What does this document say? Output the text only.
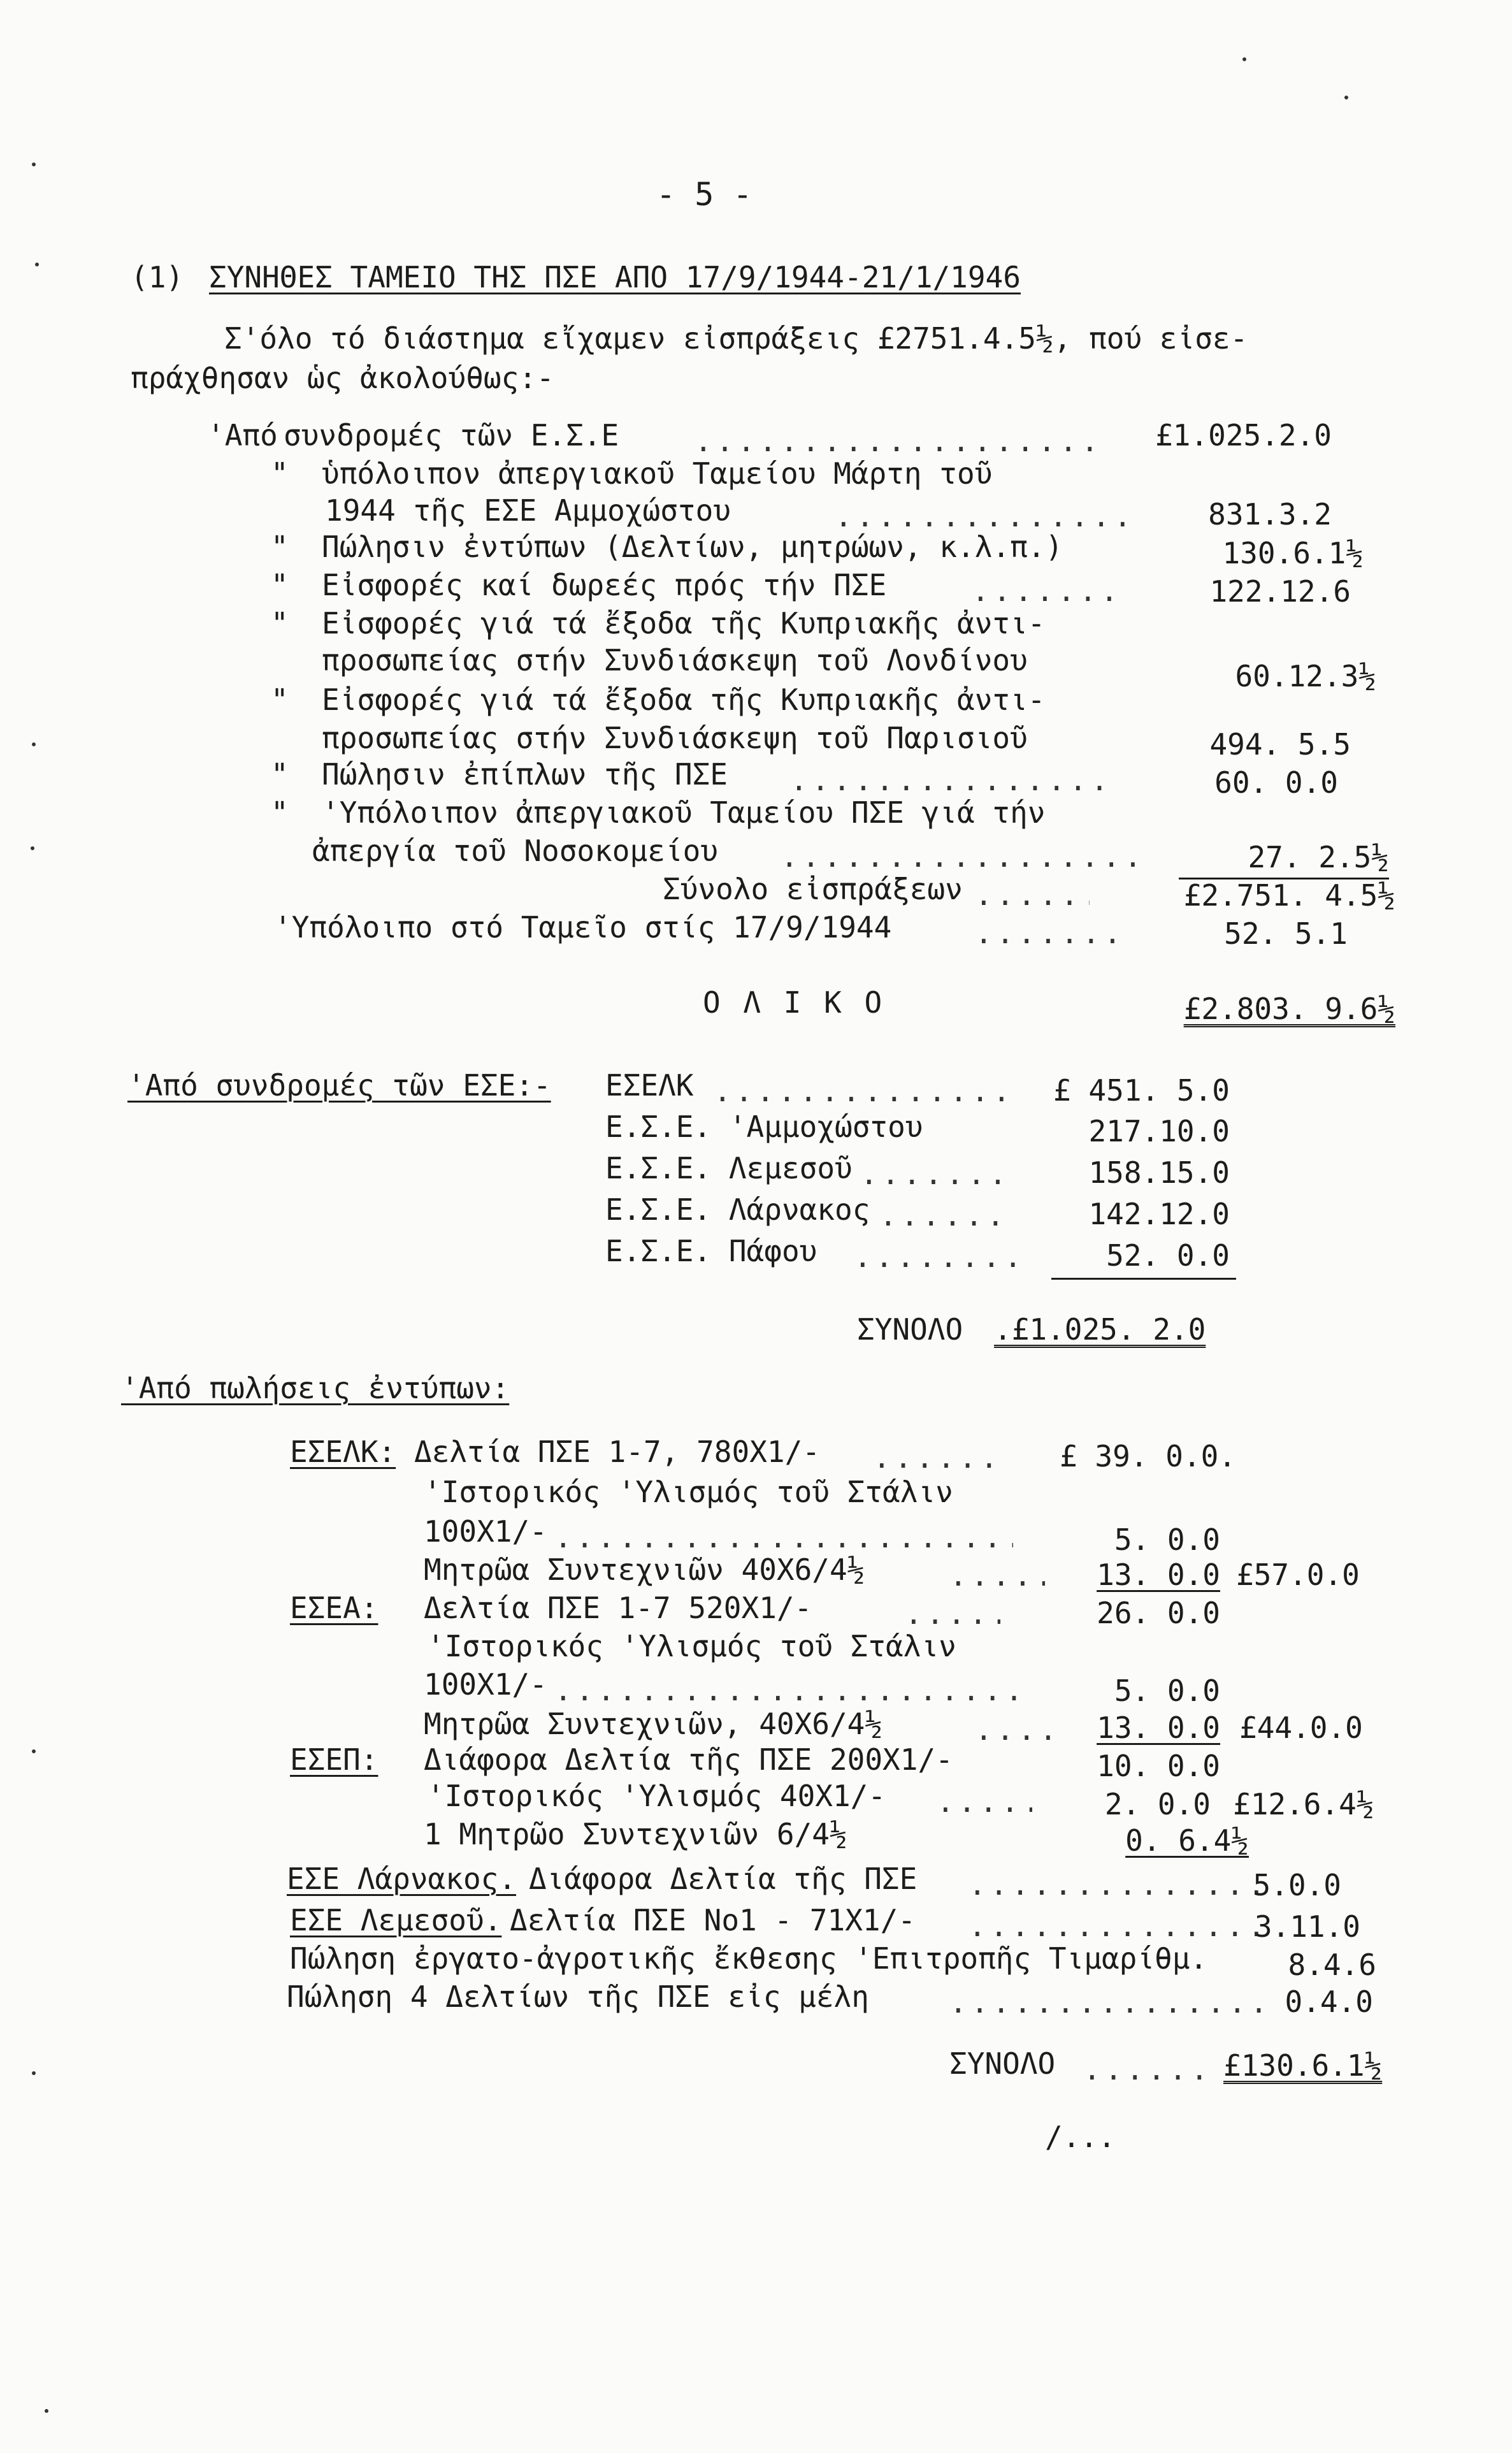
- 5 -
(1) ΣΥΝΗΘΕΣ ΤΑΜΕΙΟ ΤΗΣ ΠΣΕ ΑΠΟ 17/9/1944-21/1/1946
Σ'όλο τό διάστημα εἴχαμεν εἰσπράξεις £2751.4.5½, πού εἰσε-
πράχθησαν ὡς ἀκολούθως:-
'Από συνδρομές τῶν Ε.Σ.Ε .....	£1.025.2.0
" ὑπόλοιπον ἀπεργιακοῦ Ταμείου Μάρτη τοῦ
1944 τῆς ΕΣΕ Αμμοχώστου .....	831.3.2
" Πώλησιν ἐντύπων (Δελτίων, μητρώων, κ.λ.π.)	130.6.1½
" Εἰσφορές καί δωρεές πρός τήν ΠΣΕ .....	122.12.6
" Εἰσφορές γιά τά ἔξοδα τῆς Κυπριακῆς ἀντι-
προσωπείας στήν Συνδιάσκεψη τοῦ Λονδίνου	60.12.3½
" Εἰσφορές γιά τά ἔξοδα τῆς Κυπριακῆς ἀντι-
προσωπείας στήν Συνδιάσκεψη τοῦ Παρισιοῦ	494. 5.5
" Πώλησιν ἐπίπλων τῆς ΠΣΕ .....	60. 0.0
" 'Υπόλοιπον ἀπεργιακοῦ Ταμείου ΠΣΕ γιά τήν
ἀπεργία τοῦ Νοσοκομείου .....	27. 2.5½
Σύνολο εἰσπράξεων .....	£2.751. 4.5½
'Υπόλοιπο στό Ταμεῖο στίς 17/9/1944 .....	52. 5.1
Ο Λ Ι Κ Ο	£2.803. 9.6½
'Από συνδρομές τῶν ΕΣΕ:- ΕΣΕΛΚ .....	£ 451. 5.0
Ε.Σ.Ε. 'Αμμοχώστου	217.10.0
Ε.Σ.Ε. Λεμεσοῦ .....	158.15.0
Ε.Σ.Ε. Λάρνακος .....	142.12.0
Ε.Σ.Ε. Πάφου .....	52. 0.0
ΣΥΝΟΛΟ .£1.025. 2.0
'Από πωλήσεις ἐντύπων:
ΕΣΕΛΚ: Δελτία ΠΣΕ 1-7, 780Χ1/- .....	£ 39. 0.0.
'Ιστορικός 'Υλισμός τοῦ Στάλιν
100Χ1/- .....	5. 0.0
Μητρῶα Συντεχνιῶν 40Χ6/4½ .....	13. 0.0 £57.0.0
ΕΣΕΑ: Δελτία ΠΣΕ 1-7 520Χ1/- .....	26. 0.0
'Ιστορικός 'Υλισμός τοῦ Στάλιν
100Χ1/- .....	5. 0.0
Μητρῶα Συντεχνιῶν, 40Χ6/4½ .....	13. 0.0 £44.0.0
ΕΣΕΠ: Διάφορα Δελτία τῆς ΠΣΕ 200Χ1/-	10. 0.0
'Ιστορικός 'Υλισμός 40Χ1/- .....	2. 0.0 £12.6.4½
1 Μητρῶο Συντεχνιῶν 6/4½	0. 6.4½
ΕΣΕ Λάρνακος. Διάφορα Δελτία τῆς ΠΣΕ .....	5.0.0
ΕΣΕ Λεμεσοῦ. Δελτία ΠΣΕ Νο1 - 71Χ1/- .....	3.11.0
Πώληση ἐργατο-ἀγροτικῆς ἔκθεσης 'Επιτροπῆς Τιμαρίθμ.	8.4.6
Πώληση 4 Δελτίων τῆς ΠΣΕ εἰς μέλη .....	0.4.0
ΣΥΝΟΛΟ .....	£130.6.1½
/...
